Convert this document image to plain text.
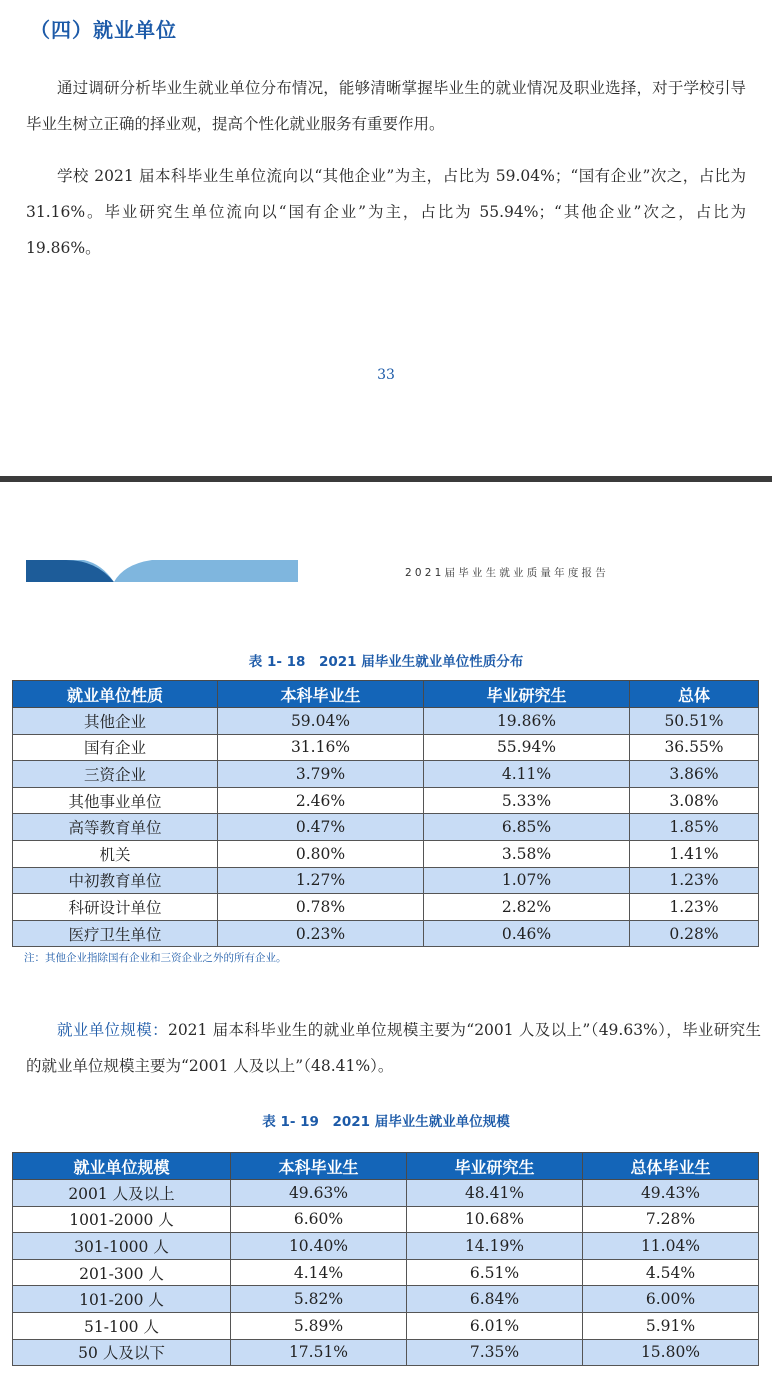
（四）就业单位

通过调研分析毕业生就业单位分布情况，能够清晰掌握毕业生的就业情况及职业选择，对于学校引导毕业生树立正确的择业观，提高个性化就业服务有重要作用。

学校 2021 届本科毕业生单位流向以“其他企业”为主，占比为 59.04%；“国有企业”次之，占比为 31.16%。毕业研究生单位流向以“国有企业”为主，占比为 55.94%；“其他企业”次之，占比为 19.86%。

33
2021届毕业生就业质量年度报告
表 1- 18　2021 届毕业生就业单位性质分布
就业单位性质	本科毕业生	毕业研究生	总体
其他企业	59.04%	19.86%	50.51%
国有企业	31.16%	55.94%	36.55%
三资企业	3.79%	4.11%	3.86%
其他事业单位	2.46%	5.33%	3.08%
高等教育单位	0.47%	6.85%	1.85%
机关	0.80%	3.58%	1.41%
中初教育单位	1.27%	1.07%	1.23%
科研设计单位	0.78%	2.82%	1.23%
医疗卫生单位	0.23%	0.46%	0.28%
注：其他企业指除国有企业和三资企业之外的所有企业。

就业单位规模：2021 届本科毕业生的就业单位规模主要为“2001 人及以上”（49.63%），毕业研究生的就业单位规模主要为“2001 人及以上”（48.41%）。

表 1- 19　2021 届毕业生就业单位规模
就业单位规模	本科毕业生	毕业研究生	总体毕业生
2001 人及以上	49.63%	48.41%	49.43%
1001-2000 人	6.60%	10.68%	7.28%
301-1000 人	10.40%	14.19%	11.04%
201-300 人	4.14%	6.51%	4.54%
101-200 人	5.82%	6.84%	6.00%
51-100 人	5.89%	6.01%	5.91%
50 人及以下	17.51%	7.35%	15.80%
